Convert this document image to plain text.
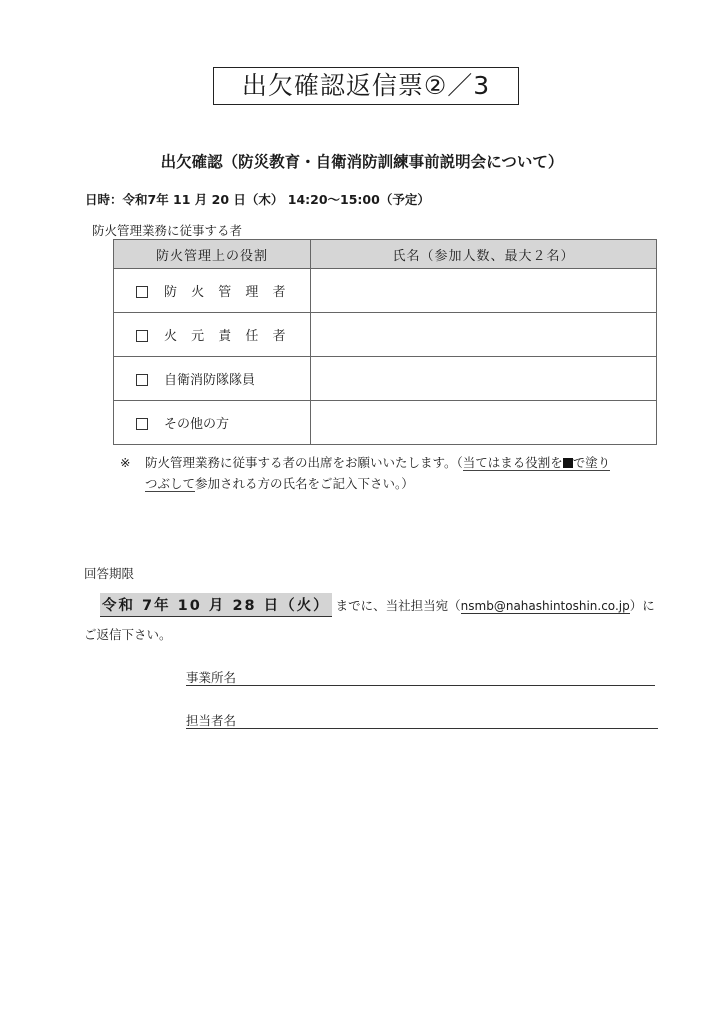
出欠確認返信票②／3
出欠確認（防災教育・自衛消防訓練事前説明会について）
日時：令和7年 11 月 20 日（木） 14:20～15:00（予定）
防火管理業務に従事する者
防火管理上の役割	氏名（参加人数、最大２名）
防 火 管 理 者	
火 元 責 任 者	
自衛消防隊隊員	
その他の方	
※ 防火管理業務に従事する者の出席をお願いいたします。（当てはまる役割を で塗り
つぶして参加される方の氏名をご記入下さい。）
回答期限
令和 7年 10 月 28 日（火） までに、当社担当宛（nsmb@nahashintoshin.co.jp）に
ご返信下さい。
事業所名
担当者名
